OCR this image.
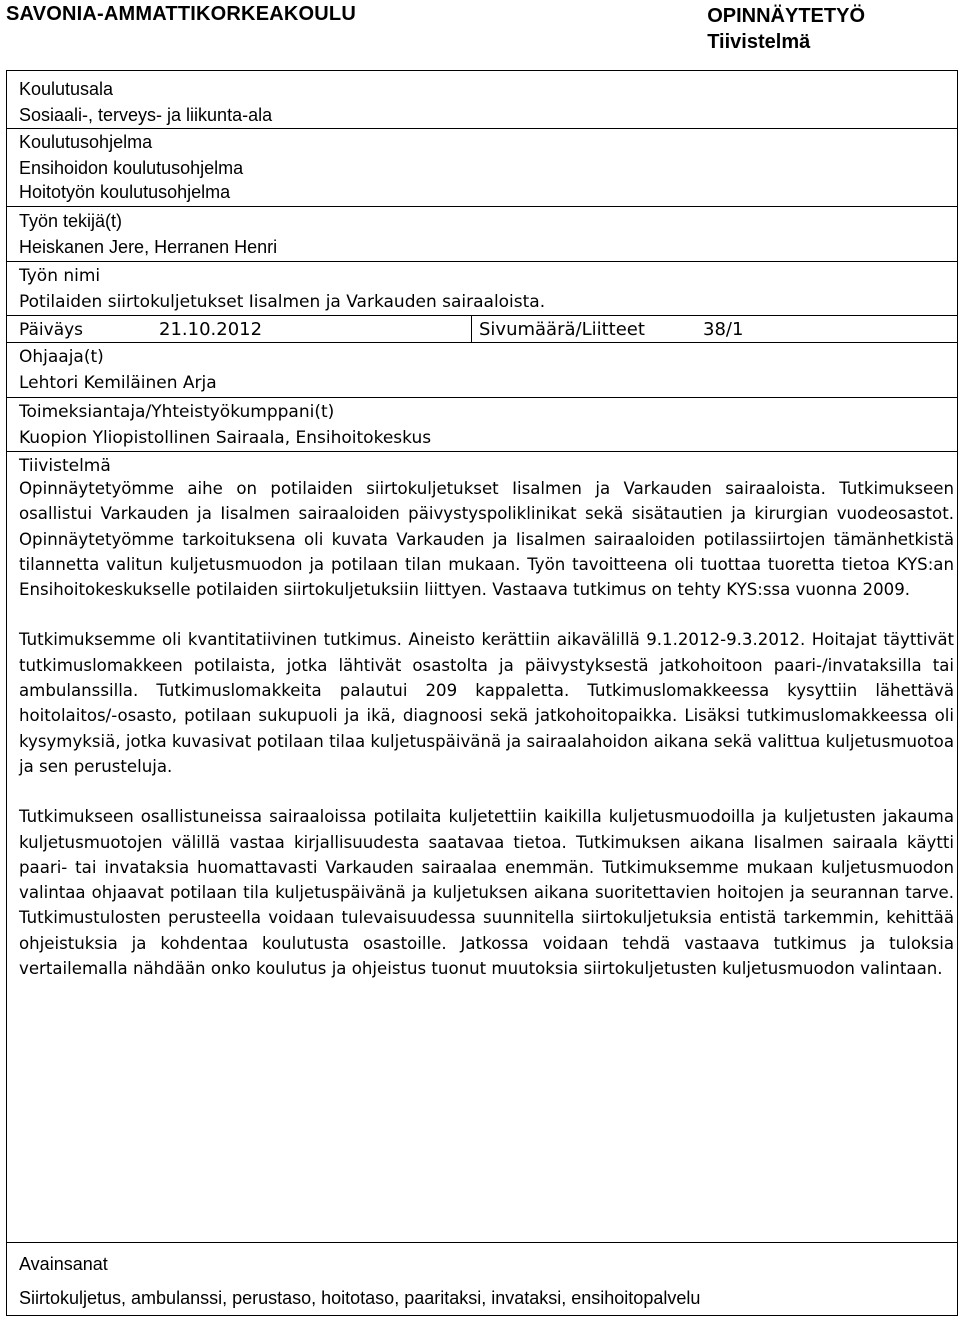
SAVONIA-AMMATTIKORKEAKOULU	OPINNÄYTETYÖ
Tiivistelmä
Koulutusala
Sosiaali-, terveys- ja liikunta-ala
Koulutusohjelma
Ensihoidon koulutusohjelma
Hoitotyön koulutusohjelma
Työn tekijä(t)
Heiskanen Jere, Herranen Henri
Työn nimi
Potilaiden siirtokuljetukset Iisalmen ja Varkauden sairaaloista.
Päiväys	21.10.2012	Sivumäärä/Liitteet	38/1
Ohjaaja(t)
Lehtori Kemiläinen Arja
Toimeksiantaja/Yhteistyökumppani(t)
Kuopion Yliopistollinen Sairaala, Ensihoitokeskus
Tiivistelmä

Opinnäytetyömme aihe on potilaiden siirtokuljetukset Iisalmen ja Varkauden sairaaloista. Tutkimukseen osallistui Varkauden ja Iisalmen sairaaloiden päivystyspoliklinikat sekä sisätautien ja kirurgian vuodeosastot. Opinnäytetyömme tarkoituksena oli kuvata Varkauden ja Iisalmen sairaaloiden potilassiirtojen tämänhetkistä tilannetta valitun kuljetusmuodon ja potilaan tilan mukaan. Työn tavoitteena oli tuottaa tuoretta tietoa KYS:an Ensihoitokeskukselle potilaiden siirtokuljetuksiin liittyen. Vastaava tutkimus on tehty KYS:ssa vuonna 2009.

Tutkimuksemme oli kvantitatiivinen tutkimus. Aineisto kerättiin aikavälillä 9.1.2012-9.3.2012. Hoitajat täyttivät tutkimuslomakkeen potilaista, jotka lähtivät osastolta ja päivystyksestä jatkohoitoon paari-/invataksilla tai ambulanssilla. Tutkimuslomakkeita palautui 209 kappaletta. Tutkimuslomakkeessa kysyttiin lähettävä hoitolaitos/-osasto, potilaan sukupuoli ja ikä, diagnoosi sekä jatkohoitopaikka. Lisäksi tutkimuslomakkeessa oli kysymyksiä, jotka kuvasivat potilaan tilaa kuljetuspäivänä ja sairaalahoidon aikana sekä valittua kuljetusmuotoa ja sen perusteluja.

Tutkimukseen osallistuneissa sairaaloissa potilaita kuljetettiin kaikilla kuljetusmuodoilla ja kuljetusten jakauma kuljetusmuotojen välillä vastaa kirjallisuudesta saatavaa tietoa. Tutkimuksen aikana Iisalmen sairaala käytti paari- tai invataksia huomattavasti Varkauden sairaalaa enemmän. Tutkimuksemme mukaan kuljetusmuodon valintaa ohjaavat potilaan tila kuljetuspäivänä ja kuljetuksen aikana suoritettavien hoitojen ja seurannan tarve. Tutkimustulosten perusteella voidaan tulevaisuudessa suunnitella siirtokuljetuksia entistä tarkemmin, kehittää ohjeistuksia ja kohdentaa koulutusta osastoille. Jatkossa voidaan tehdä vastaava tutkimus ja tuloksia vertailemalla nähdään onko koulutus ja ohjeistus tuonut muutoksia siirtokuljetusten kuljetusmuodon valintaan.

Avainsanat
Siirtokuljetus, ambulanssi, perustaso, hoitotaso, paaritaksi, invataksi, ensihoitopalvelu
